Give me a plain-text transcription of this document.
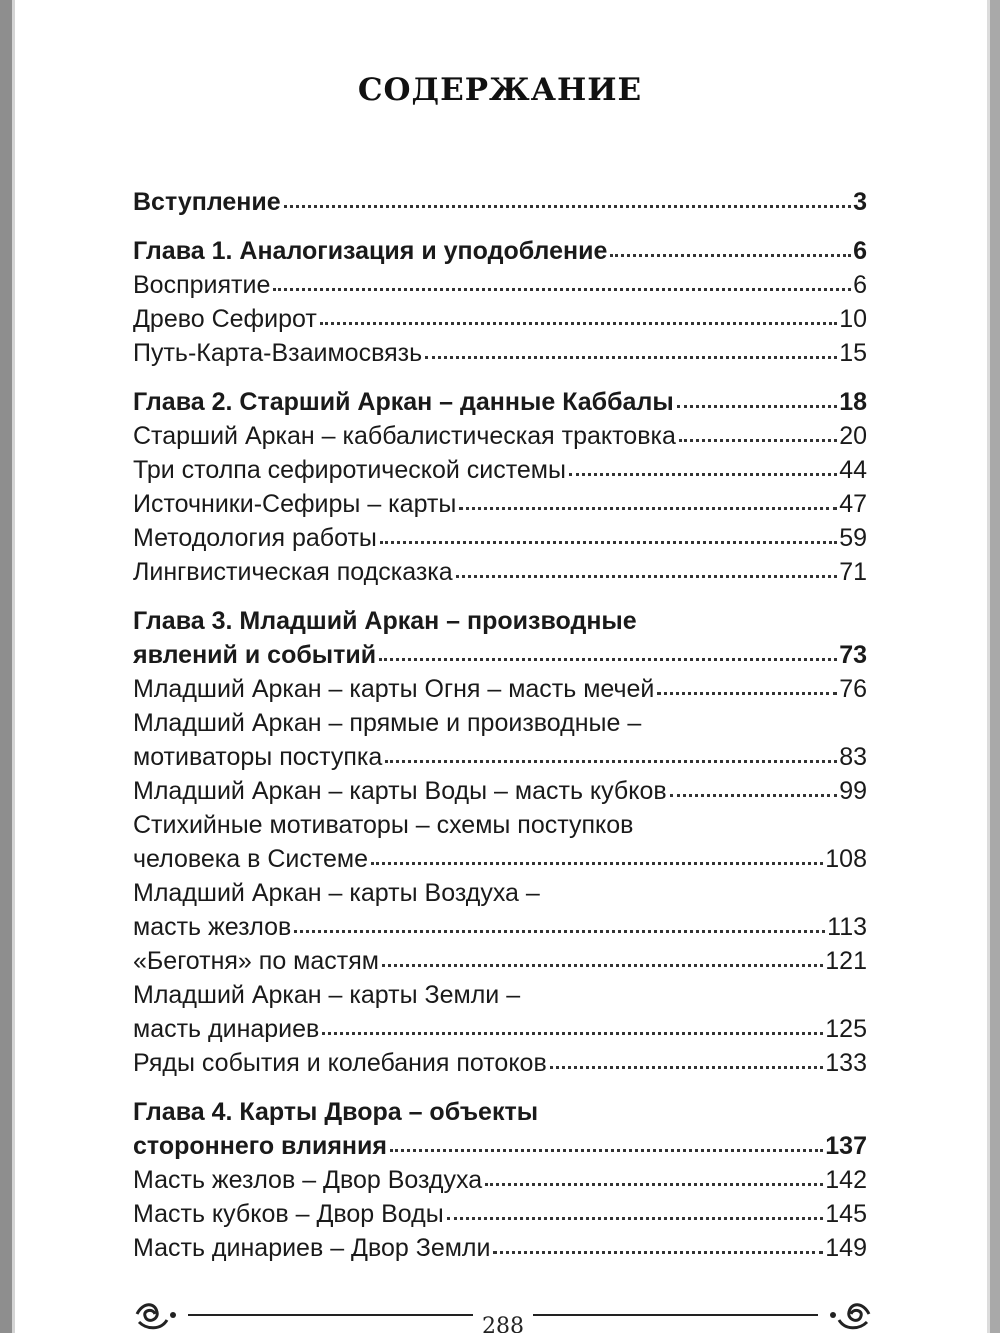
СОДЕРЖАНИЕ
Вступление	3
Глава 1. Аналогизация и уподобление	6
Восприятие	6
Древо Сефирот	10
Путь-Карта-Взаимосвязь	15
Глава 2. Старший Аркан – данные Каббалы	18
Старший Аркан – каббалистическая трактовка	20
Три столпа сефиротической системы	44
Источники-Сефиры – карты	47
Методология работы	59
Лингвистическая подсказка	71
Глава 3. Младший Аркан – производные
явлений и событий	73
Младший Аркан – карты Огня – масть мечей	76
Младший Аркан – прямые и производные –
мотиваторы поступка	83
Младший Аркан – карты Воды – масть кубков	99
Стихийные мотиваторы – схемы поступков
человека в Системе	108
Младший Аркан – карты Воздуха –
масть жезлов	113
«Беготня» по мастям	121
Младший Аркан – карты Земли –
масть динариев	125
Ряды события и колебания потоков	133
Глава 4. Карты Двора – объекты
стороннего влияния	137
Масть жезлов – Двор Воздуха	142
Масть кубков – Двор Воды	145
Масть динариев – Двор Земли	149
288
